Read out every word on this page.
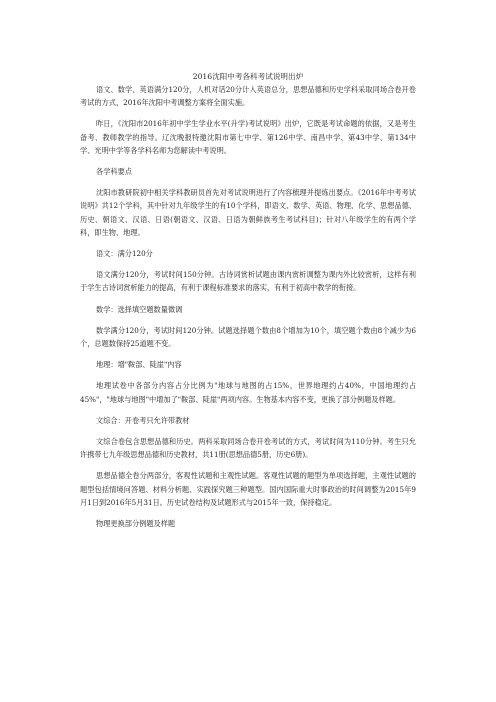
2016沈阳中考各科考试说明出炉

语文、数学、英语满分120分，人机对话20分计入英语总分，思想品德和历史学科采取同场合卷开卷考试的方式，2016年沈阳中考调整方案将全面实施。

昨日，《沈阳市2016年初中学生学业水平(升学)考试说明》出炉，它既是考试命题的依据，又是考生备考、教师教学的指导。辽沈晚报特邀沈阳市第七中学、第126中学、南昌中学、第43中学、第134中学、光明中学等各学科名师为您解读中考说明。

各学科要点

沈阳市教研院初中相关学科教研员首先对考试说明进行了内容梳理并提炼出要点。《2016年中考考试说明》共12个学科，其中针对九年级学生的有10个学科，即语文、数学、英语、物理、化学、思想品德、历史、朝语文、汉语、日语(朝语文、汉语、日语为朝鲜族考生考试科目)；针对八年级学生的有两个学科，即生物、地理。

语文：满分120分

语文满分120分，考试时间150分钟。古诗词赏析试题由课内赏析调整为课内外比较赏析，这样有利于学生古诗词赏析能力的提高，有利于课程标准要求的落实，有利于初高中教学的衔接。

数学：选择填空题数量微调

数学满分120分，考试时间120分钟。试题选择题个数由8个增加为10个，填空题个数由8个减少为6个，总题数保持25道题不变。

地理：增"鞍部、陡崖"内容

地理试卷中各部分内容占分比例为"地球与地图的占15%，世界地理约占40%，中国地理约占45%"，"地球与地图"中增加了"鞍部、陡崖"两项内容。生物基本内容不变，更换了部分例题及样题。

文综合：开卷考只允许带教材

文综合卷包含思想品德和历史。两科采取同场合卷开卷考试的方式，考试时间为110分钟。考生只允许携带七九年级思想品德和历史教材，共11册(思想品德5册，历史6册)。

思想品德全卷分两部分，客观性试题和主观性试题。客观性试题的题型为单项选择题，主观性试题的题型包括情境问答题、材料分析题、实践探究题三种题型。国内国际重大时事政治的时间调整为2015年9月1日到2016年5月31日。历史试卷结构及试题形式与2015年一致，保持稳定。

物理更换部分例题及样题
